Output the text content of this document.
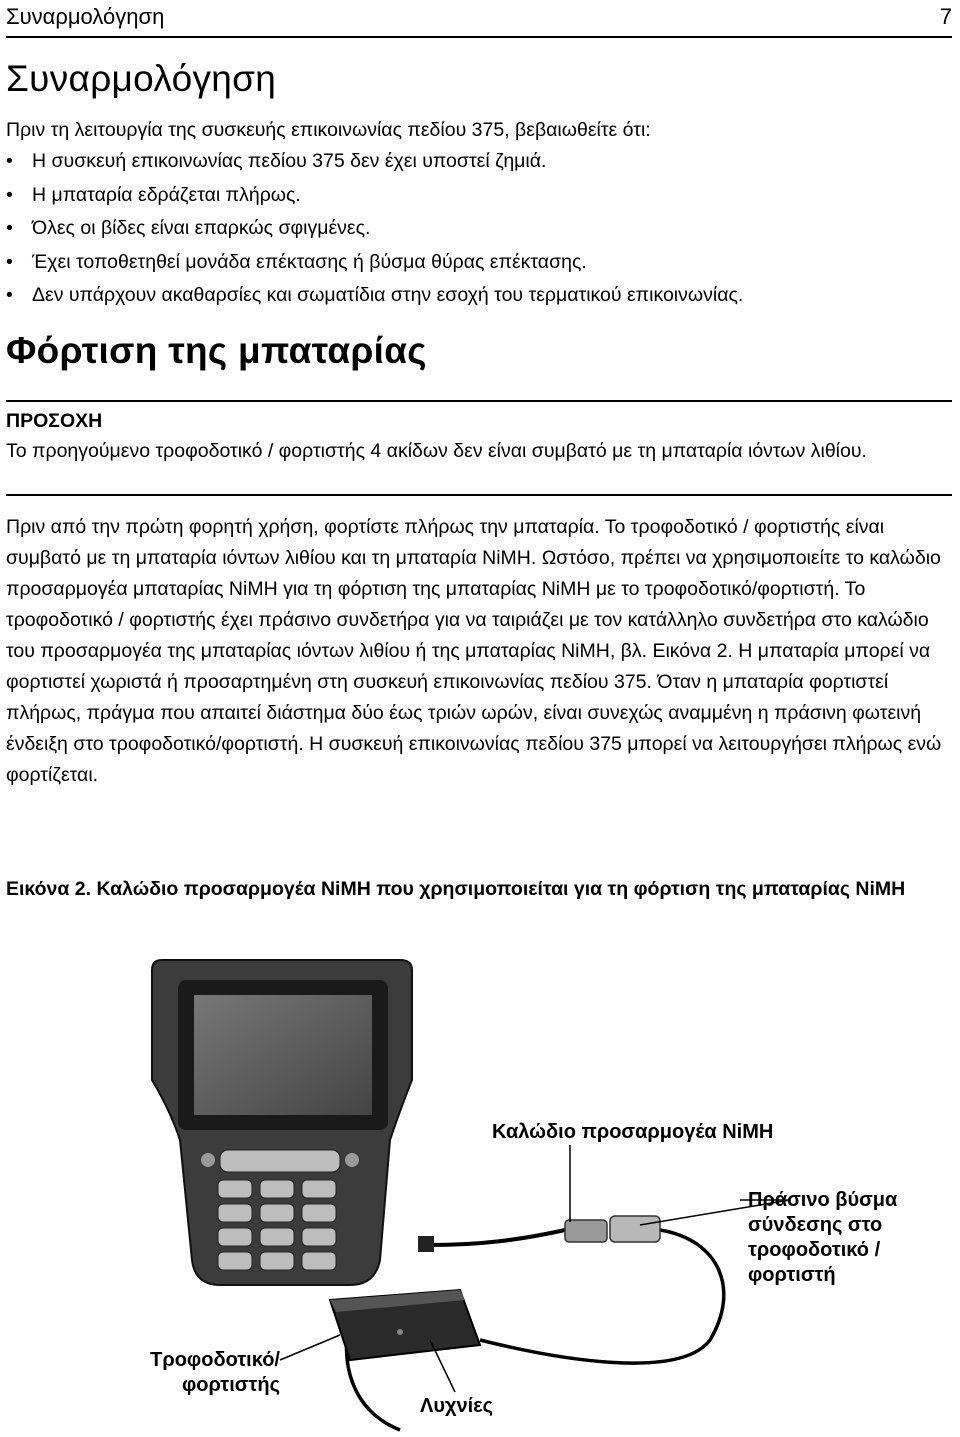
Συναρμολόγηση	7
Συναρμολόγηση
Πριν τη λειτουργία της συσκευής επικοινωνίας πεδίου 375, βεβαιωθείτε ότι:
• Η συσκευή επικοινωνίας πεδίου 375 δεν έχει υποστεί ζημιά.
• Η μπαταρία εδράζεται πλήρως.
• Όλες οι βίδες είναι επαρκώς σφιγμένες.
• Έχει τοποθετηθεί μονάδα επέκτασης ή βύσμα θύρας επέκτασης.
• Δεν υπάρχουν ακαθαρσίες και σωματίδια στην εσοχή του τερματικού επικοινωνίας.
Φόρτιση της μπαταρίας
ΠΡΟΣΟΧΗ
Το προηγούμενο τροφοδοτικό / φορτιστής 4 ακίδων δεν είναι συμβατό με τη μπαταρία ιόντων λιθίου.
Πριν από την πρώτη φορητή χρήση, φορτίστε πλήρως την μπαταρία. Το τροφοδοτικό / φορτιστής είναι συμβατό με τη μπαταρία ιόντων λιθίου και τη μπαταρία NiMH. Ωστόσο, πρέπει να χρησιμοποιείτε το καλώδιο προσαρμογέα μπαταρίας NiMH για τη φόρτιση της μπαταρίας NiMH με το τροφοδοτικό/φορτιστή. Το τροφοδοτικό / φορτιστής έχει πράσινο συνδετήρα για να ταιριάζει με τον κατάλληλο συνδετήρα στο καλώδιο του προσαρμογέα της μπαταρίας ιόντων λιθίου ή της μπαταρίας NiMH, βλ. Εικόνα 2. Η μπαταρία μπορεί να φορτιστεί χωριστά ή προσαρτημένη στη συσκευή επικοινωνίας πεδίου 375. Όταν η μπαταρία φορτιστεί πλήρως, πράγμα που απαιτεί διάστημα δύο έως τριών ωρών, είναι συνεχώς αναμμένη η πράσινη φωτεινή ένδειξη στο τροφοδοτικό/φορτιστή. Η συσκευή επικοινωνίας πεδίου 375 μπορεί να λειτουργήσει πλήρως ενώ φορτίζεται.
Εικόνα 2. Καλώδιο προσαρμογέα NiMH που χρησιμοποιείται για τη φόρτιση της μπαταρίας NiMH
Καλώδιο προσαρμογέα NiMH
Πράσινο βύσμα σύνδεσης στο τροφοδοτικό / φορτιστή
Τροφοδοτικό/ φορτιστής
Λυχνίες
